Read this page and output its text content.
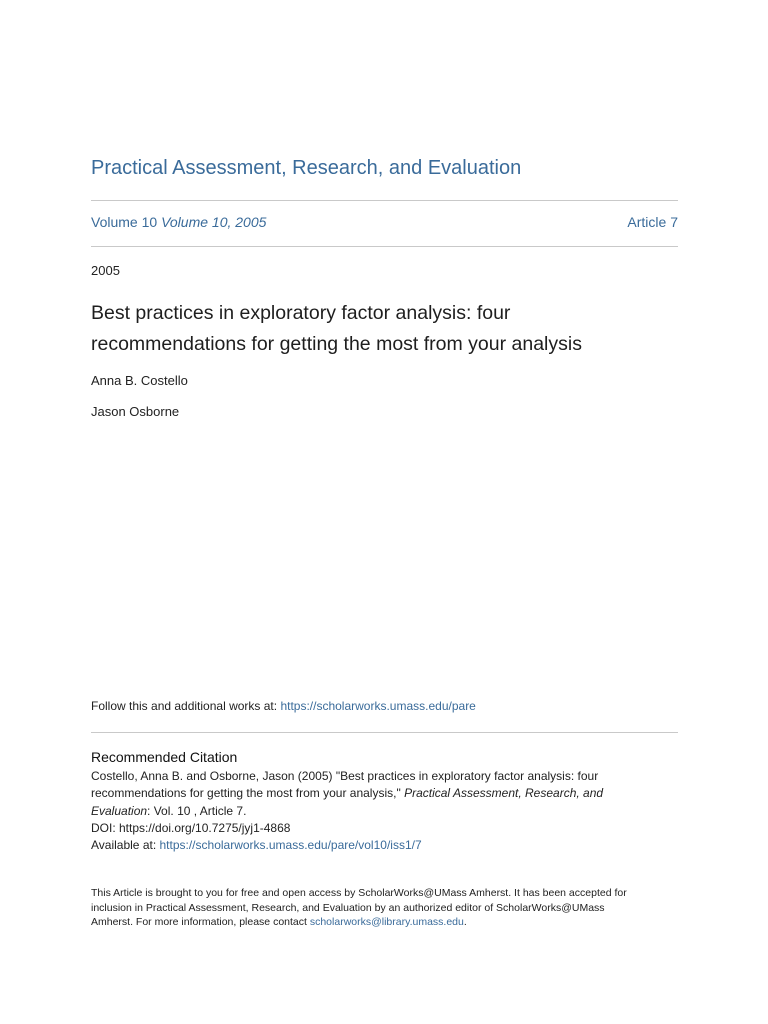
Practical Assessment, Research, and Evaluation
Volume 10 Volume 10, 2005	Article 7
2005
Best practices in exploratory factor analysis: four
recommendations for getting the most from your analysis
Anna B. Costello
Jason Osborne
Follow this and additional works at: https://scholarworks.umass.edu/pare
Recommended Citation
Costello, Anna B. and Osborne, Jason (2005) "Best practices in exploratory factor analysis: four
recommendations for getting the most from your analysis," Practical Assessment, Research, and
Evaluation: Vol. 10 , Article 7.
DOI: https://doi.org/10.7275/jyj1-4868
Available at: https://scholarworks.umass.edu/pare/vol10/iss1/7
This Article is brought to you for free and open access by ScholarWorks@UMass Amherst. It has been accepted for
inclusion in Practical Assessment, Research, and Evaluation by an authorized editor of ScholarWorks@UMass
Amherst. For more information, please contact scholarworks@library.umass.edu.
